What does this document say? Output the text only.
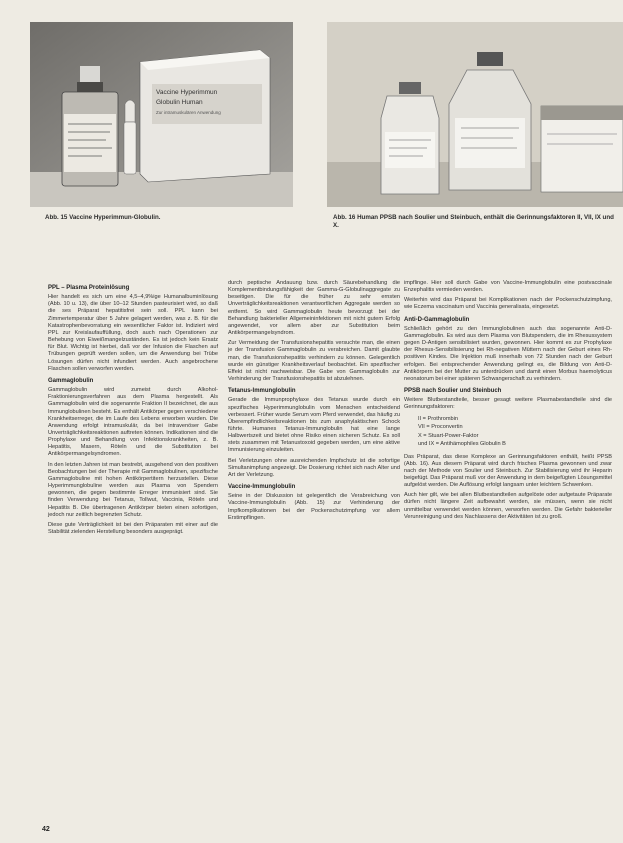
Vaccine Hyperimmun
Globulin Human
Zur intramuskulären Anwendung
Abb. 15 Vaccine Hyperimmun-Globulin.	Abb. 16 Human PPSB nach Soulier und Steinbuch, enthält die Gerinnungsfaktoren II, VII, IX und X.
PPL – Plasma Proteinlösung

Hier handelt es sich um eine 4,5–4,9%ige Humanalbuminlösung (Abb. 10 u. 13), die über 10–12 Stunden pasteurisiert wird, so daß die ses Präparat hepatitisfrei sein soll. PPL kann bei Zimmertemperatur über 5 Jahre gelagert werden, was z. B. für die Katastrophenbevorratung ein wesentlicher Faktor ist. Indiziert wird PPL zur Kreislaufauffüllung, doch auch nach Operationen zur Behebung von Eiweißmangelzuständen. Es ist jedoch kein Ersatz für Blut. Wichtig ist hierbei, daß vor der Infusion die Flaschen auf Trübungen geprüft werden sollen, um die Anwendung bei Trübe Lösungen dürfen nicht infundiert werden. Auch angebrochene Flaschen sollen verworfen werden.

Gammaglobulin

Gammaglobulin wird zumeist durch Alkohol-Fraktionierungsverfahren aus dem Plasma hergestellt. Als Gammaglobulin wird die sogenannte Fraktion II bezeichnet, die aus Immunglobulinen besteht. Es enthält Antikörper gegen verschiedene Krankheitserreger, die im Laufe des Lebens erworben wurden. Die Anwendung erfolgt intramuskulär, da bei intravenöser Gabe Unverträglichkeitsreaktionen auftreten können. Indikationen sind die Prophylaxe und Behandlung von Infektionskrankheiten, z. B. Hepatitis, Masern, Röteln und die Substitution bei Antikörpermangelsyndromen.

In den letzten Jahren ist man bestrebt, ausgehend von den positiven Beobachtungen bei der Therapie mit Gammaglobulinen, spezifische Gammaglobuline mit hohen Antikörpertitern herzustellen. Diese Hyperimmunglobuline werden aus Plasma von Spendern gewonnen, die gegen bestimmte Erreger immunisiert sind. Sie finden Verwendung bei Tetanus, Tollwut, Vaccinia, Röteln und Hepatitis B. Die übertragenen Antikörper bieten einen sofortigen, jedoch nur zeitlich begrenzten Schutz.

Diese gute Verträglichkeit ist bei den Präparaten mit einer auf die Stabilität zielenden Herstellung besonders ausgeprägt.

durch peptische Andauung bzw. durch Säurebehandlung die Komplementbindungsfähigkeit der Gamma-G-Globulinaggregate zu beseitigen. Die für die früher zu sehr ernsten Unverträglichkeitsreaktionen verantwortlichen Aggregate werden so entfernt. So wird Gammaglobulin heute bevorzugt bei der Behandlung bakterieller Allgemeininfektionen mit nicht gutem Erfolg angewendet, vor allem aber zur Substitution beim Antikörpermangelsyndrom.

Zur Vermeidung der Transfusionshepatitis versuchte man, die einen je der Transfusion Gammaglobulin zu verabreichen. Damit glaubte man, die Transfusionshepatitis verhindern zu können. Gelegentlich wurde ein günstiger Krankheitsverlauf beobachtet. Ein spezifischer Effekt ist nicht nachweisbar. Die Gabe von Gammaglobulin zur Verhinderung der Transfusionshepatitis ist abzulehnen.

Tetanus-Immunglobulin

Gerade die Immunprophylaxe des Tetanus wurde durch ein spezifisches Hyperimmunglobulin vom Menschen entscheidend verbessert. Früher wurde Serum vom Pferd verwendet, das häufig zu Überempfindlichkeitsreaktionen bis zum anaphylaktischen Schock führte. Humanes Tetanus-Immunglobulin hat eine lange Halbwertszeit und bietet ohne Risiko einen sicheren Schutz. Es soll stets zusammen mit Tetanustoxoid gegeben werden, um eine aktive Immunisierung einzuleiten.

Bei Verletzungen ohne ausreichenden Impfschutz ist die sofortige Simultanimpfung angezeigt. Die Dosierung richtet sich nach Alter und Art der Verletzung.

Vaccine-Immunglobulin

Seine in der Diskussion ist gelegentlich die Verabreichung von Vaccine-Immunglobulin (Abb. 15) zur Verhinderung der Impfkomplikationen bei der Pockenschutzimpfung vor allem Erstimpflingen.

impflinge. Hier soll durch Gabe von Vaccine-Immunglobulin eine postvaccinale Enzephalitis vermieden werden.

Weiterhin wird das Präparat bei Komplikationen nach der Pockenschutzimpfung, wie Eczema vaccinatum und Vaccinia generalisata, eingesetzt.

Anti-D-Gammaglobulin

Schließlich gehört zu den Immunglobulinen auch das sogenannte Anti-D-Gammaglobulin. Es wird aus dem Plasma von Blutspendern, die im Rhesussystem gegen D-Antigen sensibilisiert wurden, gewonnen. Hier kommt es zur Prophylaxe der Rhesus-Sensibilisierung bei Rh-negativen Müttern nach der Geburt eines Rh-positiven Kindes. Die Injektion muß innerhalb von 72 Stunden nach der Geburt erfolgen. Bei entsprechender Anwendung gelingt es, die Bildung von Anti-D-Antikörpern bei der Mutter zu unterdrücken und damit einen Morbus haemolyticus neonatorum bei einer späteren Schwangerschaft zu verhindern.

PPSB nach Soulier und Steinbuch

Weitere Blutbestandteile, besser gesagt weitere Plasmabestandteile sind die Gerinnungsfaktoren:

II = Prothrombin
VII = Proconvertin
X = Stuart-Power-Faktor
und IX = Antihämophiles Globulin B

Das Präparat, das diese Komplexe an Gerinnungsfaktoren enthält, heißt PPSB (Abb. 16). Aus diesem Präparat wird durch frisches Plasma gewonnen und zwar nach der Methode von Soulier und Steinbuch. Zur Stabilisierung wird ihr Heparin beigefügt. Das Präparat muß vor der Anwendung in dem beigefügten Lösungsmittel aufgelöst werden. Die Auflösung erfolgt langsam unter leichtem Schwenken.

Auch hier gilt, wie bei allen Blutbestandteilen aufgelöste oder aufgetaute Präparate dürfen nicht längere Zeit aufbewahrt werden, sie müssen, wenn sie nicht unmittelbar verwendet werden können, verworfen werden. Die Gefahr bakterieller Verunreinigung und des Nachlassens der Aktivitäten ist zu groß.

42
